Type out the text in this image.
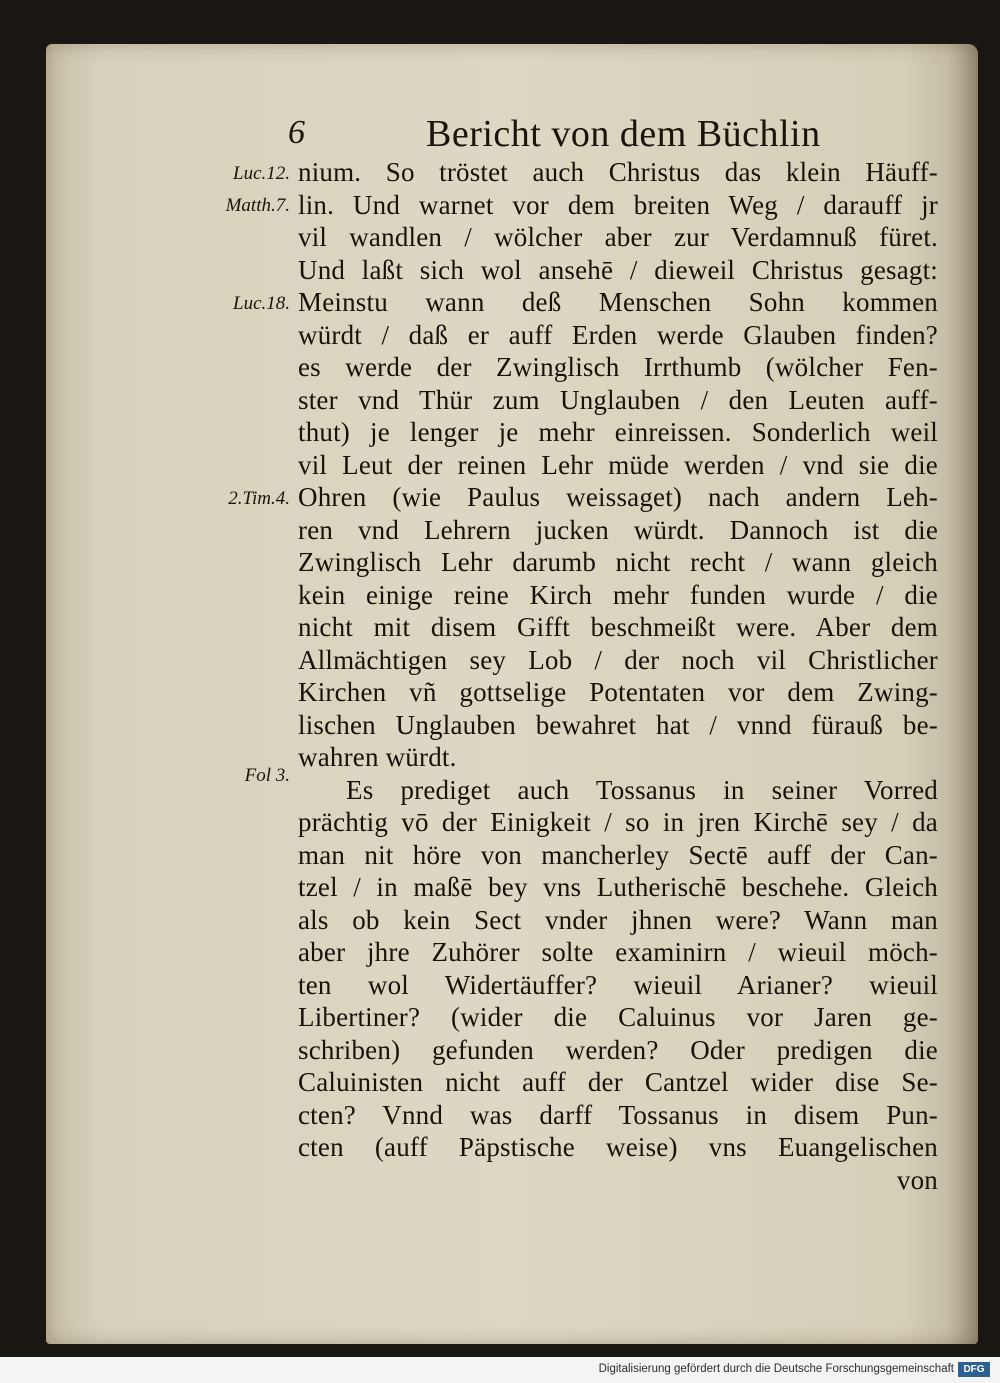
6	Bericht von dem Büchlin
Luc.12.
Matth.7.
Luc.18.
2.Tim.4.
Fol 3.
nium. So tröstet auch Christus das klein Häuff-
lin. Und warnet vor dem breiten Weg / darauff jr
vil wandlen / wölcher aber zur Verdamnuß füret.
Und laßt sich wol ansehē / dieweil Christus gesagt:
Meinstu wann deß Menschen Sohn kommen
würdt / daß er auff Erden werde Glauben finden?
es werde der Zwinglisch Irrthumb (wölcher Fen-
ster vnd Thür zum Unglauben / den Leuten auff-
thut) je lenger je mehr einreissen. Sonderlich weil
vil Leut der reinen Lehr müde werden / vnd sie die
Ohren (wie Paulus weissaget) nach andern Leh-
ren vnd Lehrern jucken würdt. Dannoch ist die
Zwinglisch Lehr darumb nicht recht / wann gleich
kein einige reine Kirch mehr funden wurde / die
nicht mit disem Gifft beschmeißt were. Aber dem
Allmächtigen sey Lob / der noch vil Christlicher
Kirchen vñ gottselige Potentaten vor dem Zwing-
lischen Unglauben bewahret hat / vnnd fürauß be-
wahren würdt.
Es prediget auch Tossanus in seiner Vorred
prächtig vō der Einigkeit / so in jren Kirchē sey / da
man nit höre von mancherley Sectē auff der Can-
tzel / in maßē bey vns Lutherischē beschehe. Gleich
als ob kein Sect vnder jhnen were? Wann man
aber jhre Zuhörer solte examinirn / wieuil möch-
ten wol Widertäuffer? wieuil Arianer? wieuil
Libertiner? (wider die Caluinus vor Jaren ge-
schriben) gefunden werden? Oder predigen die
Caluinisten nicht auff der Cantzel wider dise Se-
cten? Vnnd was darff Tossanus in disem Pun-
cten (auff Päpstische weise) vns Euangelischen
von
Digitalisierung gefördert durch die Deutsche Forschungsgemeinschaft DFG
